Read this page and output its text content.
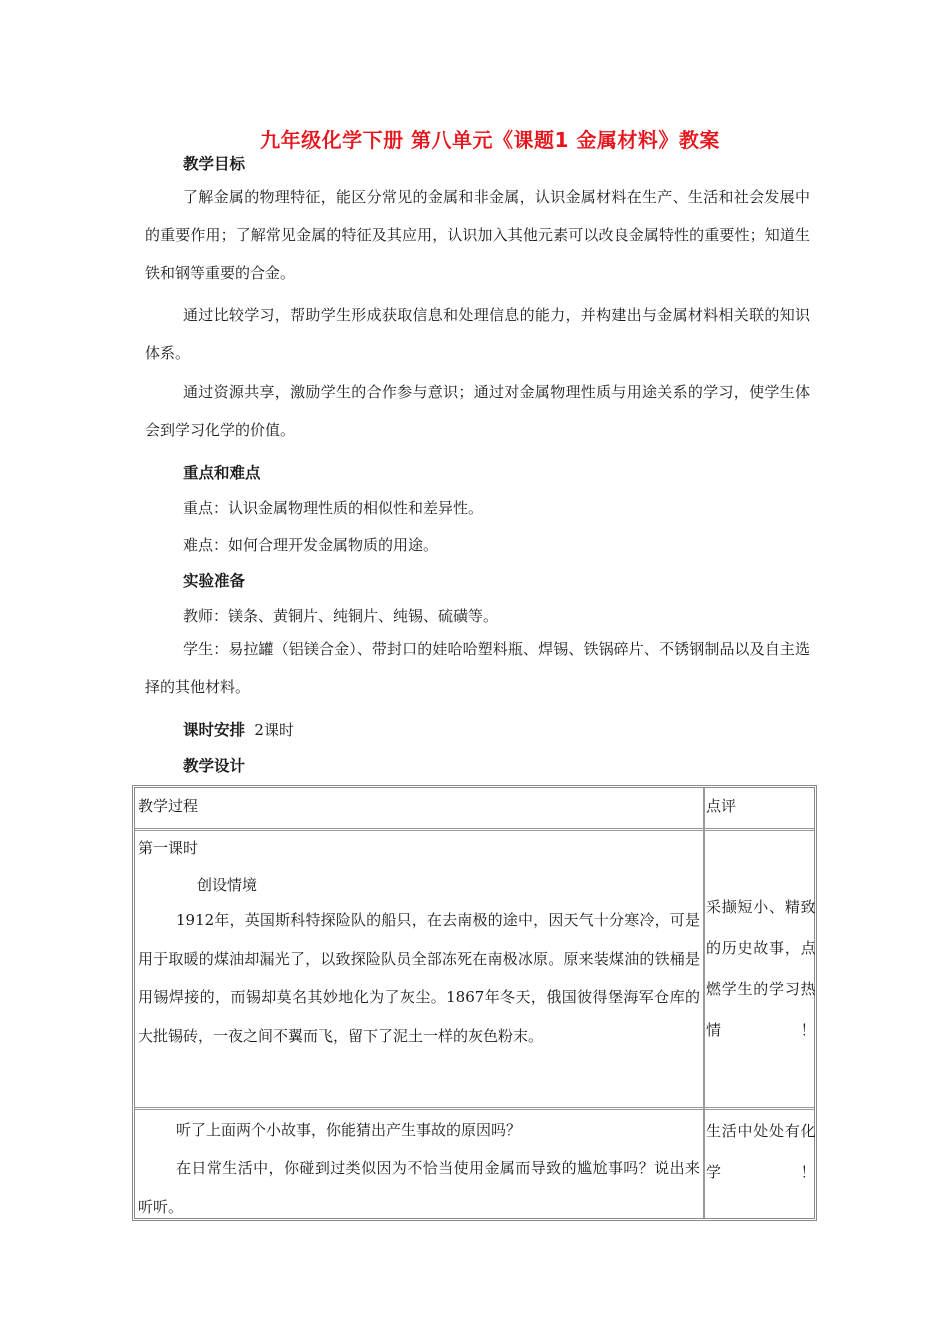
九年级化学下册 第八单元《课题1 金属材料》教案
教学目标
了解金属的物理特征，能区分常见的金属和非金属，认识金属材料在生产、生活和社会发展中的重要作用；了解常见金属的特征及其应用，认识加入其他元素可以改良金属特性的重要性；知道生铁和钢等重要的合金。
通过比较学习，帮助学生形成获取信息和处理信息的能力，并构建出与金属材料相关联的知识体系。
通过资源共享，激励学生的合作参与意识；通过对金属物理性质与用途关系的学习，使学生体会到学习化学的价值。
重点和难点
重点：认识金属物理性质的相似性和差异性。
难点：如何合理开发金属物质的用途。
实验准备
教师：镁条、黄铜片、纯铜片、纯锡、硫磺等。
学生：易拉罐（铝镁合金）、带封口的娃哈哈塑料瓶、焊锡、铁锅碎片、不锈钢制品以及自主选择的其他材料。
课时安排 2课时
教学设计
教学过程	点评
第一课时
创设情境
1912年，英国斯科特探险队的船只，在去南极的途中，因天气十分寒冷，可是用于取暖的煤油却漏光了，以致探险队员全部冻死在南极冰原。原来装煤油的铁桶是用锡焊接的，而锡却莫名其妙地化为了灰尘。1867年冬天，俄国彼得堡海军仓库的大批锡砖，一夜之间不翼而飞，留下了泥土一样的灰色粉末。
采撷短小、精致的历史故事，点燃学生的学习热情！
听了上面两个小故事，你能猜出产生事故的原因吗？
在日常生活中，你碰到过类似因为不恰当使用金属而导致的尴尬事吗？说出来听听。
生活中处处有化学！
